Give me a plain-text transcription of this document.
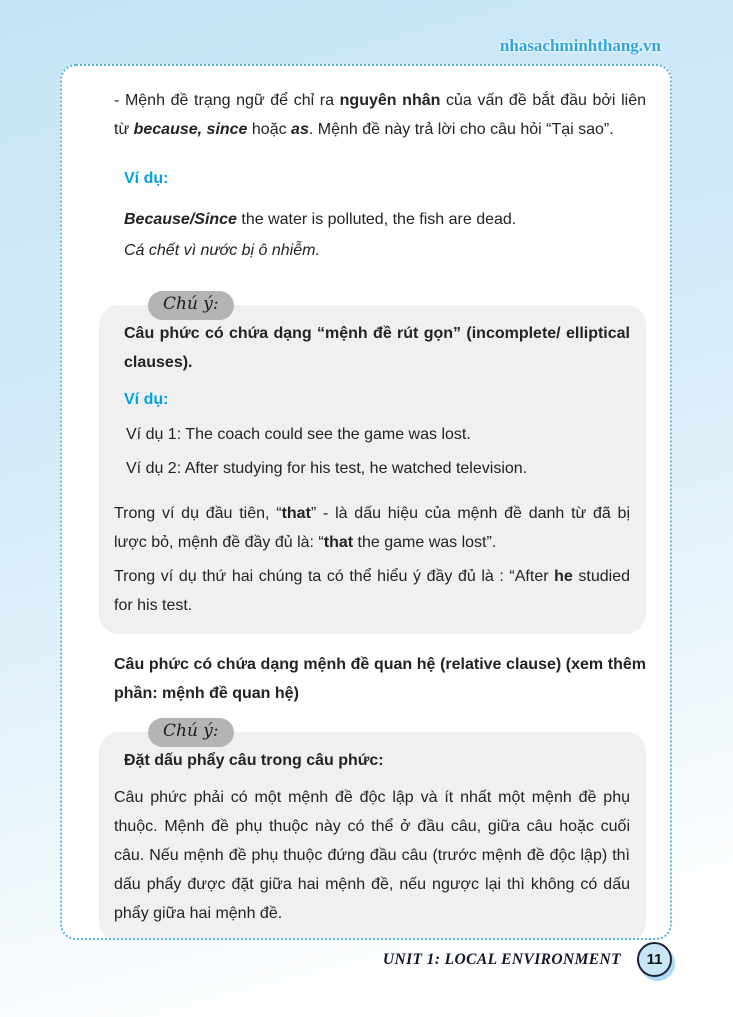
nhasachminhthang.vn

- Mệnh đề trạng ngữ để chỉ ra nguyên nhân của vấn đề bắt đầu bởi liên từ because, since hoặc as. Mệnh đề này trả lời cho câu hỏi “Tại sao”.

Ví dụ:

Because/Since the water is polluted, the fish are dead.

Cá chết vì nước bị ô nhiễm.

Chú ý:

Câu phức có chứa dạng “mệnh đề rút gọn” (incomplete/ elliptical clauses).

Ví dụ:

Ví dụ 1: The coach could see the game was lost.

Ví dụ 2: After studying for his test, he watched television.

Trong ví dụ đầu tiên, “that” - là dấu hiệu của mệnh đề danh từ đã bị lược bỏ, mệnh đề đầy đủ là: “that the game was lost”.

Trong ví dụ thứ hai chúng ta có thể hiểu ý đầy đủ là : “After he studied for his test.

Câu phức có chứa dạng mệnh đề quan hệ (relative clause) (xem thêm phần: mệnh đề quan hệ)

Chú ý:

Đặt dấu phẩy câu trong câu phức:

Câu phức phải có một mệnh đề độc lập và ít nhất một mệnh đề phụ thuộc. Mệnh đề phụ thuộc này có thể ở đầu câu, giữa câu hoặc cuối câu. Nếu mệnh đề phụ thuộc đứng đầu câu (trước mệnh đề độc lập) thì dấu phẩy được đặt giữa hai mệnh đề, nếu ngược lại thì không có dấu phẩy giữa hai mệnh đề.

UNIT 1: LOCAL ENVIRONMENT	11
